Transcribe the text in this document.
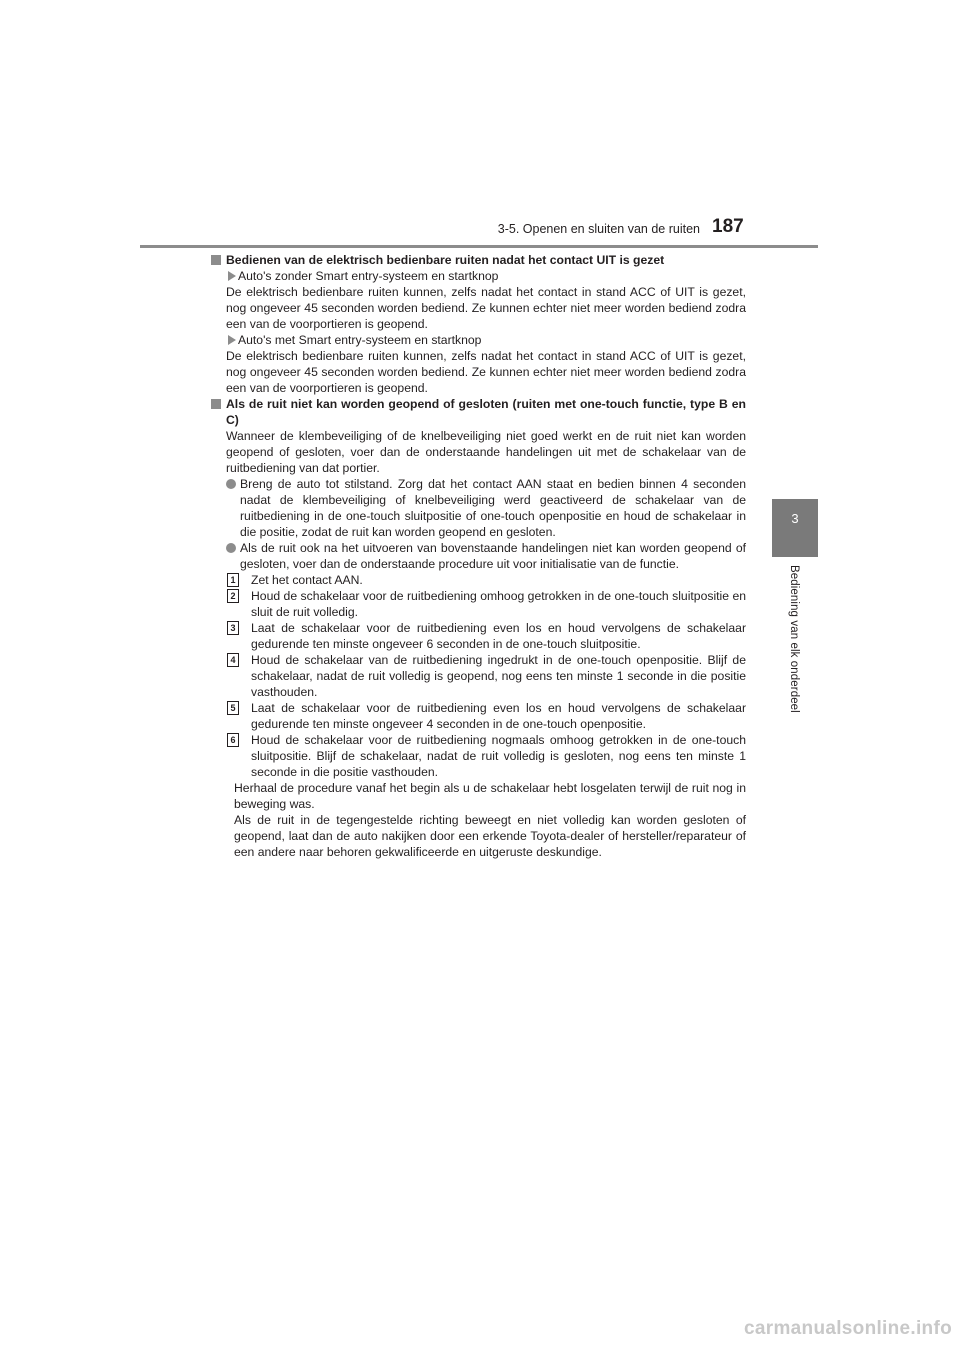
3-5. Openen en sluiten van de ruiten 187
3
Bediening van elk onderdeel

Bedienen van de elektrisch bedienbare ruiten nadat het contact UIT is gezet

Auto's zonder Smart entry-systeem en startknop

De elektrisch bedienbare ruiten kunnen, zelfs nadat het contact in stand ACC of UIT is gezet, nog ongeveer 45 seconden worden bediend. Ze kunnen echter niet meer worden bediend zodra een van de voorportieren is geopend.

Auto's met Smart entry-systeem en startknop

De elektrisch bedienbare ruiten kunnen, zelfs nadat het contact in stand ACC of UIT is gezet, nog ongeveer 45 seconden worden bediend. Ze kunnen echter niet meer worden bediend zodra een van de voorportieren is geopend.

Als de ruit niet kan worden geopend of gesloten (ruiten met one-touch functie, type B en C)

Wanneer de klembeveiliging of de knelbeveiliging niet goed werkt en de ruit niet kan worden geopend of gesloten, voer dan de onderstaande handelingen uit met de schakelaar van de ruitbediening van dat portier.

Breng de auto tot stilstand. Zorg dat het contact AAN staat en bedien binnen 4 seconden nadat de klembeveiliging of knelbeveiliging werd geactiveerd de schakelaar van de ruitbediening in de one-touch sluitpositie of one-touch openpositie en houd de schakelaar in die positie, zodat de ruit kan worden geopend en gesloten.

Als de ruit ook na het uitvoeren van bovenstaande handelingen niet kan worden geopend of gesloten, voer dan de onderstaande procedure uit voor initialisatie van de functie.

1 Zet het contact AAN.

2 Houd de schakelaar voor de ruitbediening omhoog getrokken in de one-touch sluitpositie en sluit de ruit volledig.

3 Laat de schakelaar voor de ruitbediening even los en houd vervolgens de schakelaar gedurende ten minste ongeveer 6 seconden in de one-touch sluitpositie.

4 Houd de schakelaar van de ruitbediening ingedrukt in de one-touch openpositie. Blijf de schakelaar, nadat de ruit volledig is geopend, nog eens ten minste 1 seconde in die positie vasthouden.

5 Laat de schakelaar voor de ruitbediening even los en houd vervolgens de schakelaar gedurende ten minste ongeveer 4 seconden in de one-touch openpositie.

6 Houd de schakelaar voor de ruitbediening nogmaals omhoog getrokken in de one-touch sluitpositie. Blijf de schakelaar, nadat de ruit volledig is gesloten, nog eens ten minste 1 seconde in die positie vasthouden.

Herhaal de procedure vanaf het begin als u de schakelaar hebt losgelaten terwijl de ruit nog in beweging was.

Als de ruit in de tegengestelde richting beweegt en niet volledig kan worden gesloten of geopend, laat dan de auto nakijken door een erkende Toyota-dealer of hersteller/reparateur of een andere naar behoren gekwalificeerde en uitgeruste deskundige.

carmanualsonline.info
